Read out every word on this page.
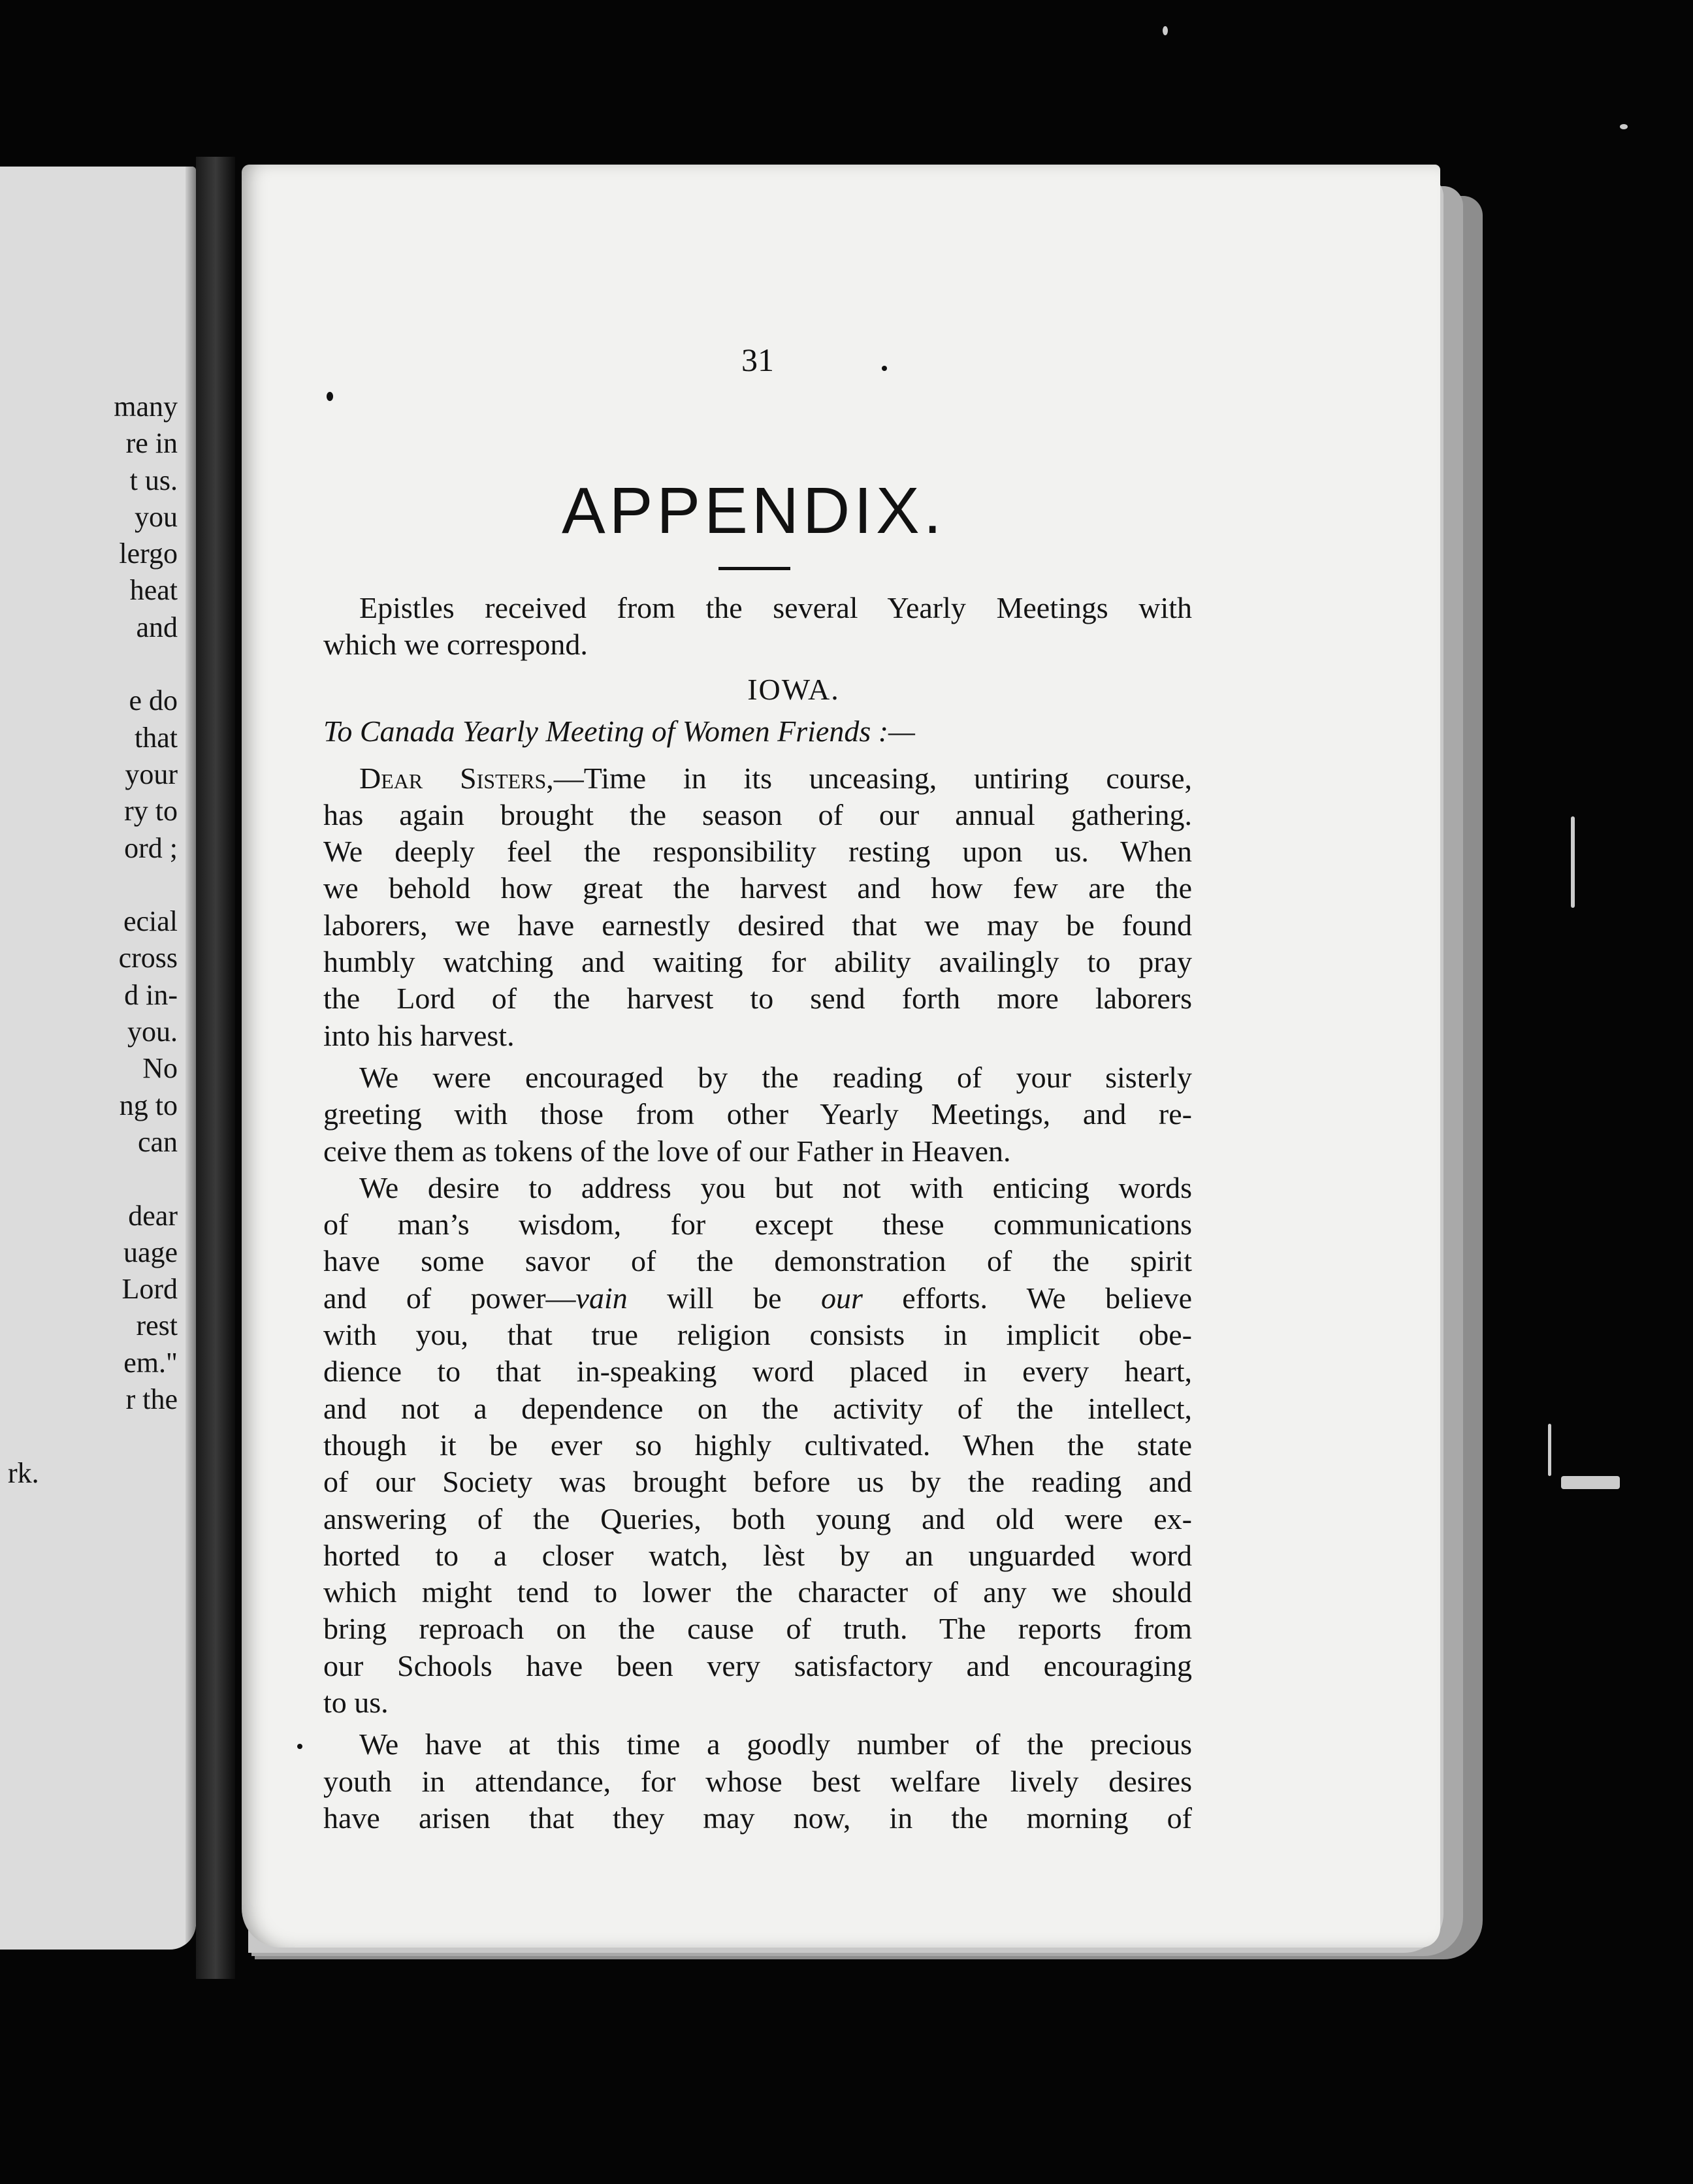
many
re in
t us.
you
lergo
heat
and
e do
that
your
ry to
ord ;
ecial
cross
d in-
you.
No
ng to
can
dear
uage
Lord
rest
em."
r the
rk.
31
APPENDIX.
Epistles received from the several Yearly Meetings with
which we correspond.
IOWA.
To Canada Yearly Meeting of Women Friends :—
Dear Sisters,—Time in its unceasing, untiring course,
has again brought the season of our annual gathering.
We deeply feel the responsibility resting upon us. When
we behold how great the harvest and how few are the
laborers, we have earnestly desired that we may be found
humbly watching and waiting for ability availingly to pray
the Lord of the harvest to send forth more laborers
into his harvest.
We were encouraged by the reading of your sisterly
greeting with those from other Yearly Meetings, and re-
ceive them as tokens of the love of our Father in Heaven.
We desire to address you but not with enticing words
of man’s wisdom, for except these communications
have some savor of the demonstration of the spirit
and of power—vain will be our efforts. We believe
with you, that true religion consists in implicit obe-
dience to that in-speaking word placed in every heart,
and not a dependence on the activity of the intellect,
though it be ever so highly cultivated. When the state
of our Society was brought before us by the reading and
answering of the Queries, both young and old were ex-
horted to a closer watch, lèst by an unguarded word
which might tend to lower the character of any we should
bring reproach on the cause of truth. The reports from
our Schools have been very satisfactory and encouraging
to us.
We have at this time a goodly number of the precious
youth in attendance, for whose best welfare lively desires
have arisen that they may now, in the morning of
